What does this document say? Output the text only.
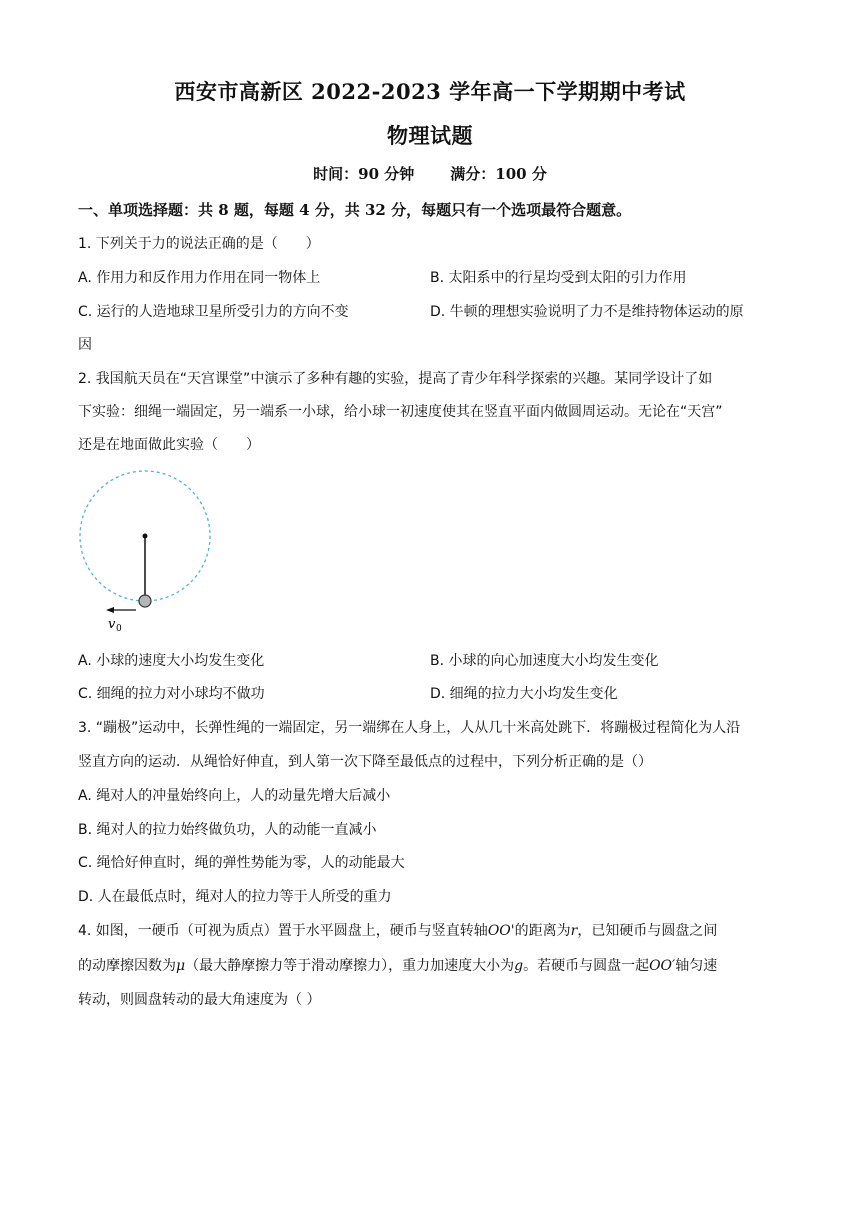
西安市高新区 2022-2023 学年高一下学期期中考试
物理试题
时间：90 分钟 满分：100 分
一、单项选择题：共 8 题，每题 4 分，共 32 分，每题只有一个选项最符合题意。
1. 下列关于力的说法正确的是（　　）
A. 作用力和反作用力作用在同一物体上	B. 太阳系中的行星均受到太阳的引力作用
C. 运行的人造地球卫星所受引力的方向不变	D. 牛顿的理想实验说明了力不是维持物体运动的原
因
2. 我国航天员在“天宫课堂”中演示了多种有趣的实验，提高了青少年科学探索的兴趣。某同学设计了如
下实验：细绳一端固定，另一端系一小球，给小球一初速度使其在竖直平面内做圆周运动。无论在“天宫”
还是在地面做此实验（　　）
v 0
A. 小球的速度大小均发生变化	B. 小球的向心加速度大小均发生变化
C. 细绳的拉力对小球均不做功	D. 细绳的拉力大小均发生变化
3. “蹦极”运动中，长弹性绳的一端固定，另一端绑在人身上，人从几十米高处跳下．将蹦极过程简化为人沿
竖直方向的运动．从绳恰好伸直，到人第一次下降至最低点的过程中，下列分析正确的是（）
A. 绳对人的冲量始终向上，人的动量先增大后减小
B. 绳对人的拉力始终做负功，人的动能一直减小
C. 绳恰好伸直时，绳的弹性势能为零，人的动能最大
D. 人在最低点时，绳对人的拉力等于人所受的重力
4. 如图，一硬币（可视为质点）置于水平圆盘上，硬币与竖直转轴OO'的距离为r，已知硬币与圆盘之间
的动摩擦因数为μ（最大静摩擦力等于滑动摩擦力），重力加速度大小为g。若硬币与圆盘一起OO′轴匀速
转动，则圆盘转动的最大角速度为（ ）
